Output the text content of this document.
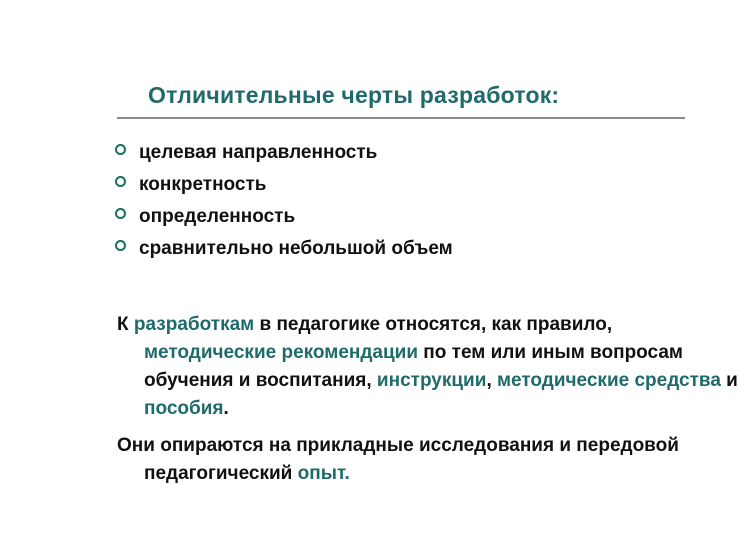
Отличительные черты разработок:
целевая направленность
конкретность
определенность
сравнительно небольшой объем
К разработкам в педагогике относятся, как правило, методические рекомендации по тем или иным вопросам обучения и воспитания, инструкции, методические средства и пособия.
Они опираются на прикладные исследования и передовой педагогический опыт.
